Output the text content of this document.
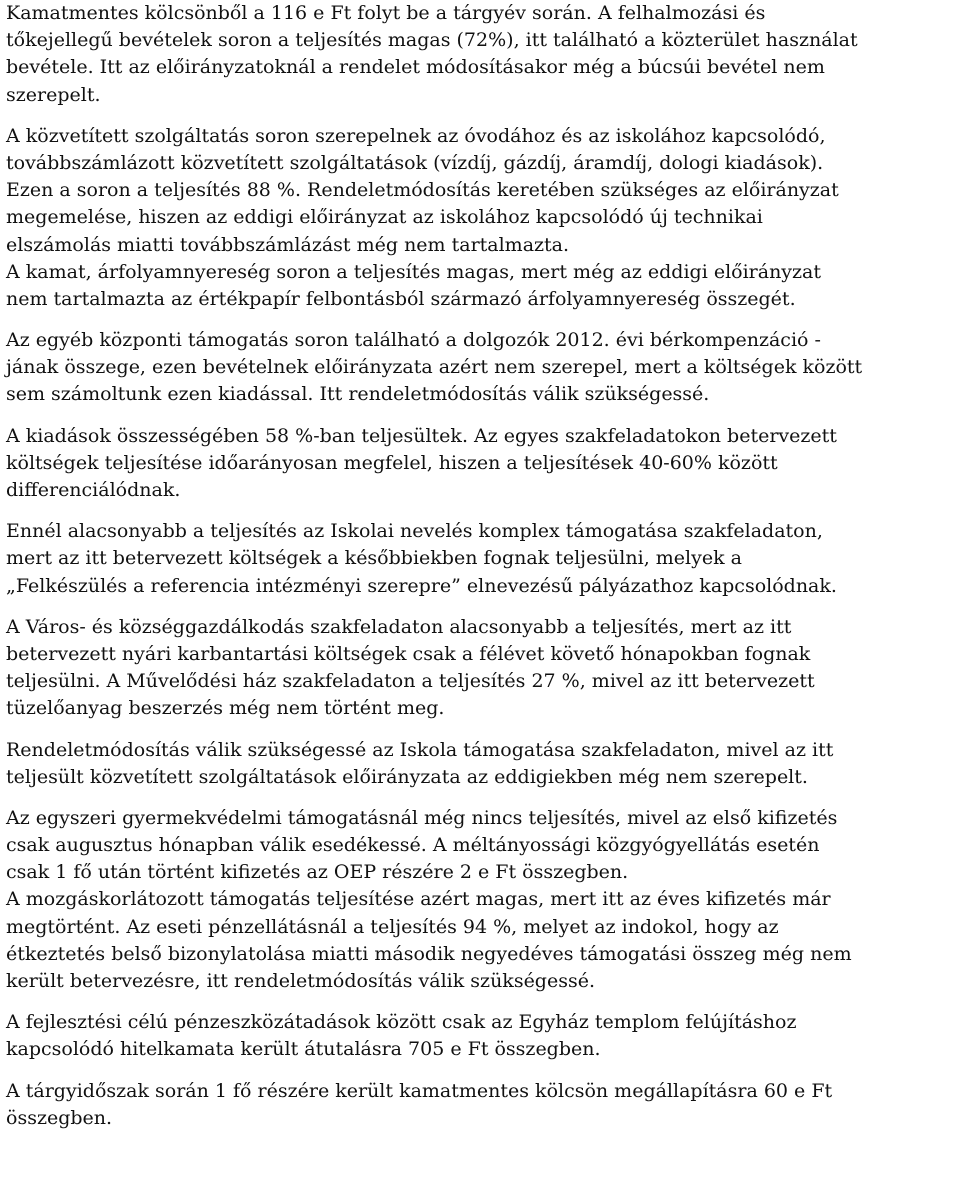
Kamatmentes kölcsönből a 116 e Ft folyt be a tárgyév során. A felhalmozási és
tőkejellegű bevételek soron a teljesítés magas (72%), itt található a közterület használat
bevétele. Itt az előirányzatoknál a rendelet módosításakor még a búcsúi bevétel nem
szerepelt.
A közvetített szolgáltatás soron szerepelnek az óvodához és az iskolához kapcsolódó,
továbbszámlázott közvetített szolgáltatások (vízdíj, gázdíj, áramdíj, dologi kiadások).
Ezen a soron a teljesítés 88 %. Rendeletmódosítás keretében szükséges az előirányzat
megemelése, hiszen az eddigi előirányzat az iskolához kapcsolódó új technikai
elszámolás miatti továbbszámlázást még nem tartalmazta.
A kamat, árfolyamnyereség soron a teljesítés magas, mert még az eddigi előirányzat
nem tartalmazta az értékpapír felbontásból származó árfolyamnyereség összegét.
Az egyéb központi támogatás soron található a dolgozók 2012. évi bérkompenzáció -
jának összege, ezen bevételnek előirányzata azért nem szerepel, mert a költségek között
sem számoltunk ezen kiadással. Itt rendeletmódosítás válik szükségessé.
A kiadások összességében 58 %-ban teljesültek. Az egyes szakfeladatokon betervezett
költségek teljesítése időarányosan megfelel, hiszen a teljesítések 40-60% között
differenciálódnak.
Ennél alacsonyabb a teljesítés az Iskolai nevelés komplex támogatása szakfeladaton,
mert az itt betervezett költségek a későbbiekben fognak teljesülni, melyek a
„Felkészülés a referencia intézményi szerepre” elnevezésű pályázathoz kapcsolódnak.
A Város- és községgazdálkodás szakfeladaton alacsonyabb a teljesítés, mert az itt
betervezett nyári karbantartási költségek csak a félévet követő hónapokban fognak
teljesülni. A Művelődési ház szakfeladaton a teljesítés 27 %, mivel az itt betervezett
tüzelőanyag beszerzés még nem történt meg.
Rendeletmódosítás válik szükségessé az Iskola támogatása szakfeladaton, mivel az itt
teljesült közvetített szolgáltatások előirányzata az eddigiekben még nem szerepelt.
Az egyszeri gyermekvédelmi támogatásnál még nincs teljesítés, mivel az első kifizetés
csak augusztus hónapban válik esedékessé. A méltányossági közgyógyellátás esetén
csak 1 fő után történt kifizetés az OEP részére 2 e Ft összegben.
A mozgáskorlátozott támogatás teljesítése azért magas, mert itt az éves kifizetés már
megtörtént. Az eseti pénzellátásnál a teljesítés 94 %, melyet az indokol, hogy az
étkeztetés belső bizonylatolása miatti második negyedéves támogatási összeg még nem
került betervezésre, itt rendeletmódosítás válik szükségessé.
A fejlesztési célú pénzeszközátadások között csak az Egyház templom felújításhoz
kapcsolódó hitelkamata került átutalásra 705 e Ft összegben.
A tárgyidőszak során 1 fő részére került kamatmentes kölcsön megállapításra 60 e Ft
összegben.
